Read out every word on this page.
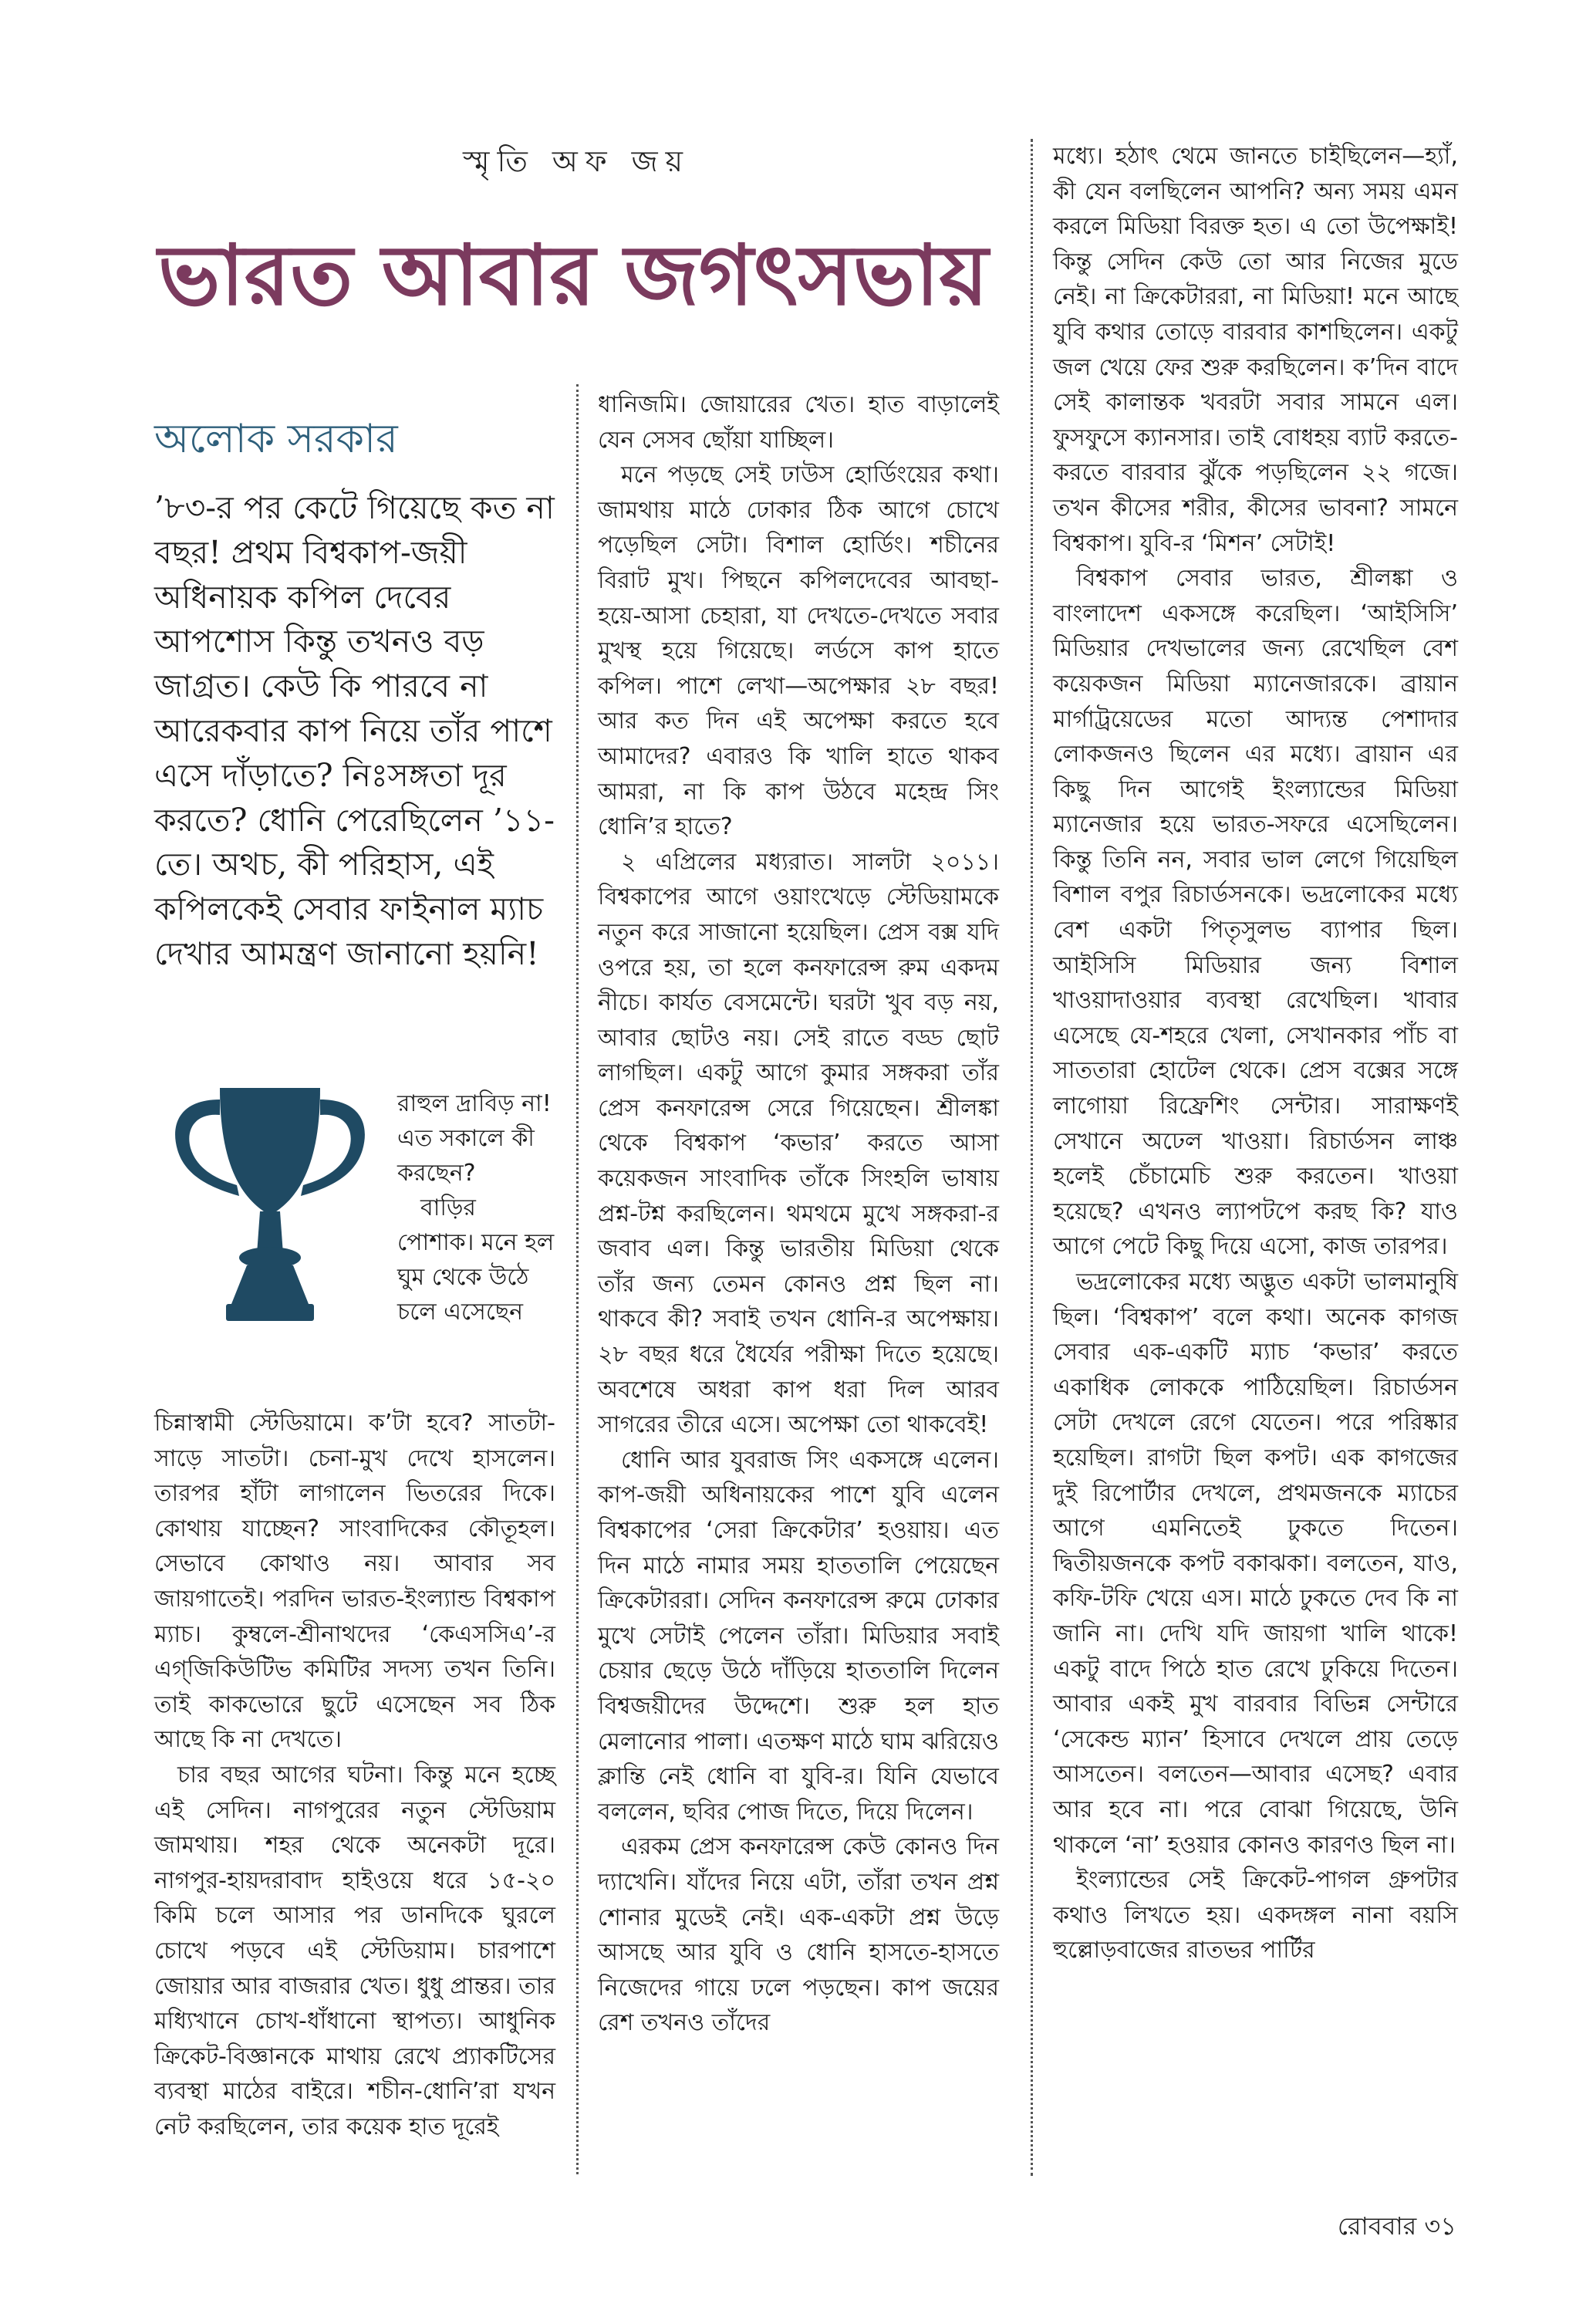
স্মৃতি অফ জয়
ভারত আবার জগৎসভায়
অলোক সরকার

’৮৩-র পর কেটে গিয়েছে কত না বছর! প্রথম বিশ্বকাপ-জয়ী অধিনায়ক কপিল দেবের আপশোস কিন্তু তখনও বড় জাগ্রত। কেউ কি পারবে না আরেকবার কাপ নিয়ে তাঁর পাশে এসে দাঁড়াতে? নিঃসঙ্গতা দূর করতে? ধোনি পেরেছিলেন ’১১-তে। অথচ, কী পরিহাস, এই কপিলকেই সেবার ফাইনাল ম্যাচ দেখার আমন্ত্রণ জানানো হয়নি!

রাহুল দ্রাবিড় না! এত সকালে কী করছেন?

বাড়ির পোশাক। মনে হল ঘুম থেকে উঠে চলে এসেছেন

চিন্নাস্বামী স্টেডিয়ামে। ক’টা হবে? সাতটা-সাড়ে সাতটা। চেনা-মুখ দেখে হাসলেন। তারপর হাঁটা লাগালেন ভিতরের দিকে। কোথায় যাচ্ছেন? সাংবাদিকের কৌতূহল। সেভাবে কোথাও নয়। আবার সব জায়গাতেই। পরদিন ভারত-ইংল্যান্ড বিশ্বকাপ ম্যাচ। কুম্বলে-শ্রীনাথদের ‘কেএসসিএ’-র এগ্‌জিকিউটিভ কমিটির সদস্য তখন তিনি। তাই কাকভোরে ছুটে এসেছেন সব ঠিক আছে কি না দেখতে।

চার বছর আগের ঘটনা। কিন্তু মনে হচ্ছে এই সেদিন। নাগপুরের নতুন স্টেডিয়াম জামথায়। শহর থেকে অনেকটা দূরে। নাগপুর-হায়দরাবাদ হাইওয়ে ধরে ১৫-২০ কিমি চলে আসার পর ডানদিকে ঘুরলে চোখে পড়বে এই স্টেডিয়াম। চারপাশে জোয়ার আর বাজরার খেত। ধুধু প্রান্তর। তার মধ্যিখানে চোখ-ধাঁধানো স্থাপত্য। আধুনিক ক্রিকেট-বিজ্ঞানকে মাথায় রেখে প্র্যাকটিসের ব্যবস্থা মাঠের বাইরে। শচীন-ধোনি’রা যখন নেট করছিলেন, তার কয়েক হাত দূরেই

ধানিজমি। জোয়ারের খেত। হাত বাড়ালেই যেন সেসব ছোঁয়া যাচ্ছিল।

মনে পড়ছে সেই ঢাউস হোর্ডিংয়ের কথা। জামথায় মাঠে ঢোকার ঠিক আগে চোখে পড়েছিল সেটা। বিশাল হোর্ডিং। শচীনের বিরাট মুখ। পিছনে কপিলদেবের আবছা-হয়ে-আসা চেহারা, যা দেখতে-দেখতে সবার মুখস্থ হয়ে গিয়েছে। লর্ডসে কাপ হাতে কপিল। পাশে লেখা—অপেক্ষার ২৮ বছর! আর কত দিন এই অপেক্ষা করতে হবে আমাদের? এবারও কি খালি হাতে থাকব আমরা, না কি কাপ উঠবে মহেন্দ্র সিং ধোনি’র হাতে?

২ এপ্রিলের মধ্যরাত। সালটা ২০১১। বিশ্বকাপের আগে ওয়াংখেড়ে স্টেডিয়ামকে নতুন করে সাজানো হয়েছিল। প্রেস বক্স যদি ওপরে হয়, তা হলে কনফারেন্স রুম একদম নীচে। কার্যত বেসমেন্টে। ঘরটা খুব বড় নয়, আবার ছোটও নয়। সেই রাতে বড্ড ছোট লাগছিল। একটু আগে কুমার সঙ্গকরা তাঁর প্রেস কনফারেন্স সেরে গিয়েছেন। শ্রীলঙ্কা থেকে বিশ্বকাপ ‘কভার’ করতে আসা কয়েকজন সাংবাদিক তাঁকে সিংহলি ভাষায় প্রশ্ন-টশ্ন করছিলেন। থমথমে মুখে সঙ্গকরা-র জবাব এল। কিন্তু ভারতীয় মিডিয়া থেকে তাঁর জন্য তেমন কোনও প্রশ্ন ছিল না। থাকবে কী? সবাই তখন ধোনি-র অপেক্ষায়। ২৮ বছর ধরে ধৈর্যের পরীক্ষা দিতে হয়েছে। অবশেষে অধরা কাপ ধরা দিল আরব সাগরের তীরে এসে। অপেক্ষা তো থাকবেই!

ধোনি আর যুবরাজ সিং একসঙ্গে এলেন। কাপ-জয়ী অধিনায়কের পাশে যুবি এলেন বিশ্বকাপের ‘সেরা ক্রিকেটার’ হওয়ায়। এত দিন মাঠে নামার সময় হাততালি পেয়েছেন ক্রিকেটাররা। সেদিন কনফারেন্স রুমে ঢোকার মুখে সেটাই পেলেন তাঁরা। মিডিয়ার সবাই চেয়ার ছেড়ে উঠে দাঁড়িয়ে হাততালি দিলেন বিশ্বজয়ীদের উদ্দেশে। শুরু হল হাত মেলানোর পালা। এতক্ষণ মাঠে ঘাম ঝরিয়েও ক্লান্তি নেই ধোনি বা যুবি-র। যিনি যেভাবে বললেন, ছবির পোজ দিতে, দিয়ে দিলেন।

এরকম প্রেস কনফারেন্স কেউ কোনও দিন দ্যাখেনি। যাঁদের নিয়ে এটা, তাঁরা তখন প্রশ্ন শোনার মুডেই নেই। এক-একটা প্রশ্ন উড়ে আসছে আর যুবি ও ধোনি হাসতে-হাসতে নিজেদের গায়ে ঢলে পড়ছেন। কাপ জয়ের রেশ তখনও তাঁদের

মধ্যে। হঠাৎ থেমে জানতে চাইছিলেন—হ্যাঁ, কী যেন বলছিলেন আপনি? অন্য সময় এমন করলে মিডিয়া বিরক্ত হত। এ তো উপেক্ষাই! কিন্তু সেদিন কেউ তো আর নিজের মুডে নেই। না ক্রিকেটাররা, না মিডিয়া! মনে আছে যুবি কথার তোড়ে বারবার কাশছিলেন। একটু জল খেয়ে ফের শুরু করছিলেন। ক’দিন বাদে সেই কালান্তক খবরটা সবার সামনে এল। ফুসফুসে ক্যানসার। তাই বোধহয় ব্যাট করতে-করতে বারবার ঝুঁকে পড়ছিলেন ২২ গজে। তখন কীসের শরীর, কীসের ভাবনা? সামনে বিশ্বকাপ। যুবি-র ‘মিশন’ সেটাই!

বিশ্বকাপ সেবার ভারত, শ্রীলঙ্কা ও বাংলাদেশ একসঙ্গে করেছিল। ‘আইসিসি’ মিডিয়ার দেখভালের জন্য রেখেছিল বেশ কয়েকজন মিডিয়া ম্যানেজারকে। ব্রায়ান মার্গাট্রয়েডের মতো আদ্যন্ত পেশাদার লোকজনও ছিলেন এর মধ্যে। ব্রায়ান এর কিছু দিন আগেই ইংল্যান্ডের মিডিয়া ম্যানেজার হয়ে ভারত-সফরে এসেছিলেন। কিন্তু তিনি নন, সবার ভাল লেগে গিয়েছিল বিশাল বপুর রিচার্ডসনকে। ভদ্রলোকের মধ্যে বেশ একটা পিতৃসুলভ ব্যাপার ছিল। আইসিসি মিডিয়ার জন্য বিশাল খাওয়াদাওয়ার ব্যবস্থা রেখেছিল। খাবার এসেছে যে-শহরে খেলা, সেখানকার পাঁচ বা সাততারা হোটেল থেকে। প্রেস বক্সের সঙ্গে লাগোয়া রিফ্রেশিং সেন্টার। সারাক্ষণই সেখানে অঢেল খাওয়া। রিচার্ডসন লাঞ্চ হলেই চেঁচামেচি শুরু করতেন। খাওয়া হয়েছে? এখনও ল্যাপটপে করছ কি? যাও আগে পেটে কিছু দিয়ে এসো, কাজ তারপর।

ভদ্রলোকের মধ্যে অদ্ভুত একটা ভালমানুষি ছিল। ‘বিশ্বকাপ’ বলে কথা। অনেক কাগজ সেবার এক-একটি ম্যাচ ‘কভার’ করতে একাধিক লোককে পাঠিয়েছিল। রিচার্ডসন সেটা দেখলে রেগে যেতেন। পরে পরিষ্কার হয়েছিল। রাগটা ছিল কপট। এক কাগজের দুই রিপোর্টার দেখলে, প্রথমজনকে ম্যাচের আগে এমনিতেই ঢুকতে দিতেন। দ্বিতীয়জনকে কপট বকাঝকা। বলতেন, যাও, কফি-টফি খেয়ে এস। মাঠে ঢুকতে দেব কি না জানি না। দেখি যদি জায়গা খালি থাকে! একটু বাদে পিঠে হাত রেখে ঢুকিয়ে দিতেন। আবার একই মুখ বারবার বিভিন্ন সেন্টারে ‘সেকেন্ড ম্যান’ হিসাবে দেখলে প্রায় তেড়ে আসতেন। বলতেন—আবার এসেছ? এবার আর হবে না। পরে বোঝা গিয়েছে, উনি থাকলে ‘না’ হওয়ার কোনও কারণও ছিল না।

ইংল্যান্ডের সেই ক্রিকেট-পাগল গ্রুপটার কথাও লিখতে হয়। একদঙ্গল নানা বয়সি হুল্লোড়বাজের রাতভর পার্টির

রোববার ৩১
